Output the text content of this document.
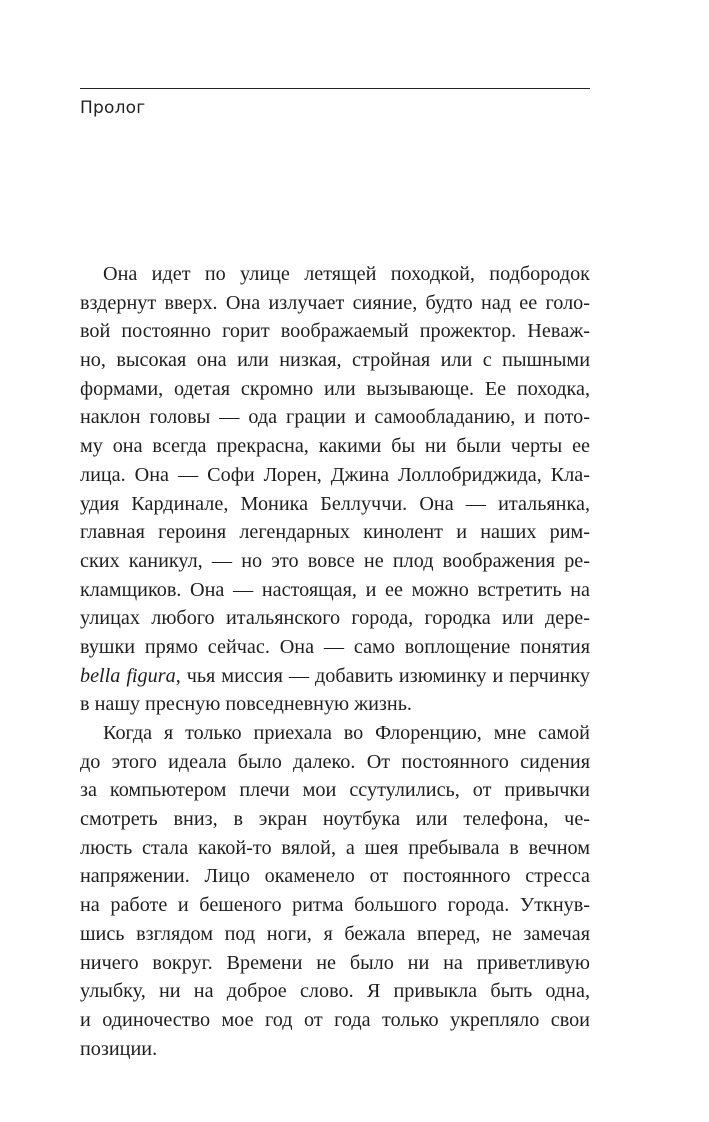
Пролог
Она идет по улице летящей походкой, подбородок
вздернут вверх. Она излучает сияние, будто над ее голо-
вой постоянно горит воображаемый прожектор. Невaж-
но, высокая она или низкая, стройная или с пышными
формами, одетая скромно или вызывающе. Ее походка,
наклон головы — ода грации и самообладанию, и пото-
му она всегда прекрасна, какими бы ни были черты ее
лица. Она — Софи Лорен, Джина Лоллобриджида, Кла-
удия Кардинале, Моника Беллуччи. Она — итальянка,
главная героиня легендарных кинолент и наших рим-
ских каникул, — но это вовсе не плод воображения ре-
кламщиков. Она — настоящая, и ее можно встретить на
улицах любого итальянского города, городка или дере-
вушки прямо сейчас. Она — само воплощение понятия
bella figura, чья миссия — добавить изюминку и перчинку
в нашу пресную повседневную жизнь.
Когда я только приехала во Флоренцию, мне самой
до этого идеала было далеко. От постоянного сидения
за компьютером плечи мои ссутулились, от привычки
смотреть вниз, в экран ноутбука или телефона, че-
люсть стала какой-то вялой, а шея пребывала в вечном
напряжении. Лицо окаменело от постоянного стресса
на работе и бешеного ритма большого города. Уткнув-
шись взглядом под ноги, я бежала вперед, не замечая
ничего вокруг. Времени не было ни на приветливую
улыбку, ни на доброе слово. Я привыкла быть одна,
и одиночество мое год от года только укрепляло свои
позиции.
